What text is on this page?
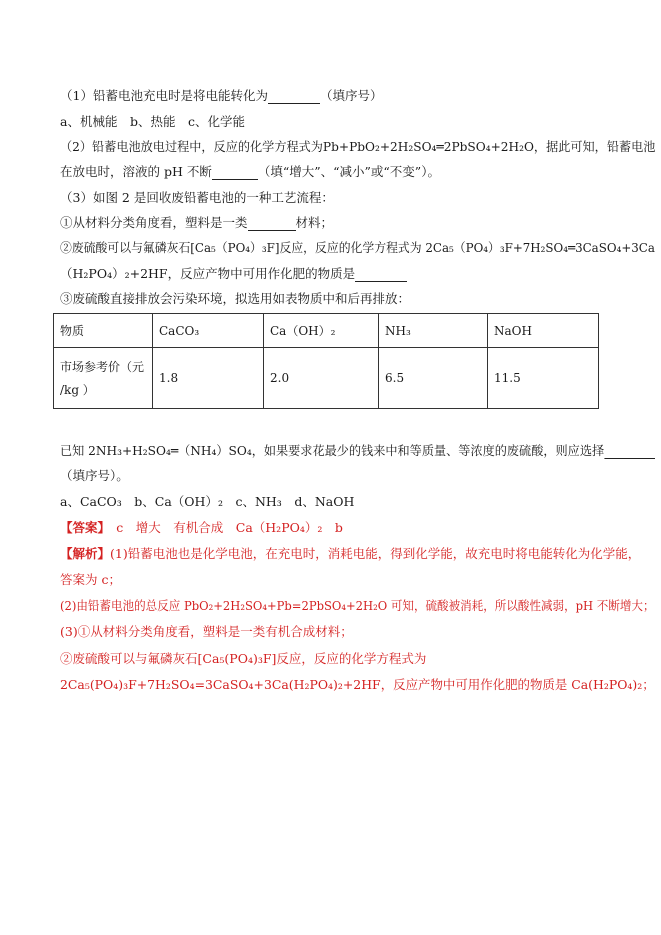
（1）铅蓄电池充电时是将电能转化为	（填序号）
a、机械能　b、热能　c、化学能
（2）铅蓄电池放电过程中，反应的化学方程式为Pb+PbO₂+2H₂SO₄═2PbSO₄+2H₂O，据此可知，铅蓄电池
在放电时，溶液的 pH 不断	（填“增大”、“减小”或“不变”）。
（3）如图 2 是回收废铅蓄电池的一种工艺流程：
①从材料分类角度看，塑料是一类	材料；
②废硫酸可以与氟磷灰石[Ca₅（PO₄）₃F]反应，反应的化学方程式为 2Ca₅（PO₄）₃F+7H₂SO₄═3CaSO₄+3Ca
（H₂PO₄）₂+2HF，反应产物中可用作化肥的物质是
③废硫酸直接排放会污染环境，拟选用如表物质中和后再排放：
物质	CaCO₃	Ca（OH）₂	NH₃	NaOH

市场参考价（元
/kg ）	1.8	2.0	6.5	11.5
已知 2NH₃+H₂SO₄═（NH₄）SO₄，如果要求花最少的钱来中和等质量、等浓度的废硫酸，则应选择
（填序号）。
a、CaCO₃　b、Ca（OH）₂　c、NH₃　d、NaOH
【答案】　c　增大　有机合成　Ca（H₂PO₄）₂　b
【解析】(1)铅蓄电池也是化学电池，在充电时，消耗电能，得到化学能，故充电时将电能转化为化学能，
答案为 c；
(2)由铅蓄电池的总反应 PbO₂+2H₂SO₄+Pb=2PbSO₄+2H₂O 可知，硫酸被消耗，所以酸性减弱，pH 不断增大；
(3)①从材料分类角度看，塑料是一类有机合成材料；
②废硫酸可以与氟磷灰石[Ca₅(PO₄)₃F]反应，反应的化学方程式为
2Ca₅(PO₄)₃F+7H₂SO₄=3CaSO₄+3Ca(H₂PO₄)₂+2HF，反应产物中可用作化肥的物质是 Ca(H₂PO₄)₂；
